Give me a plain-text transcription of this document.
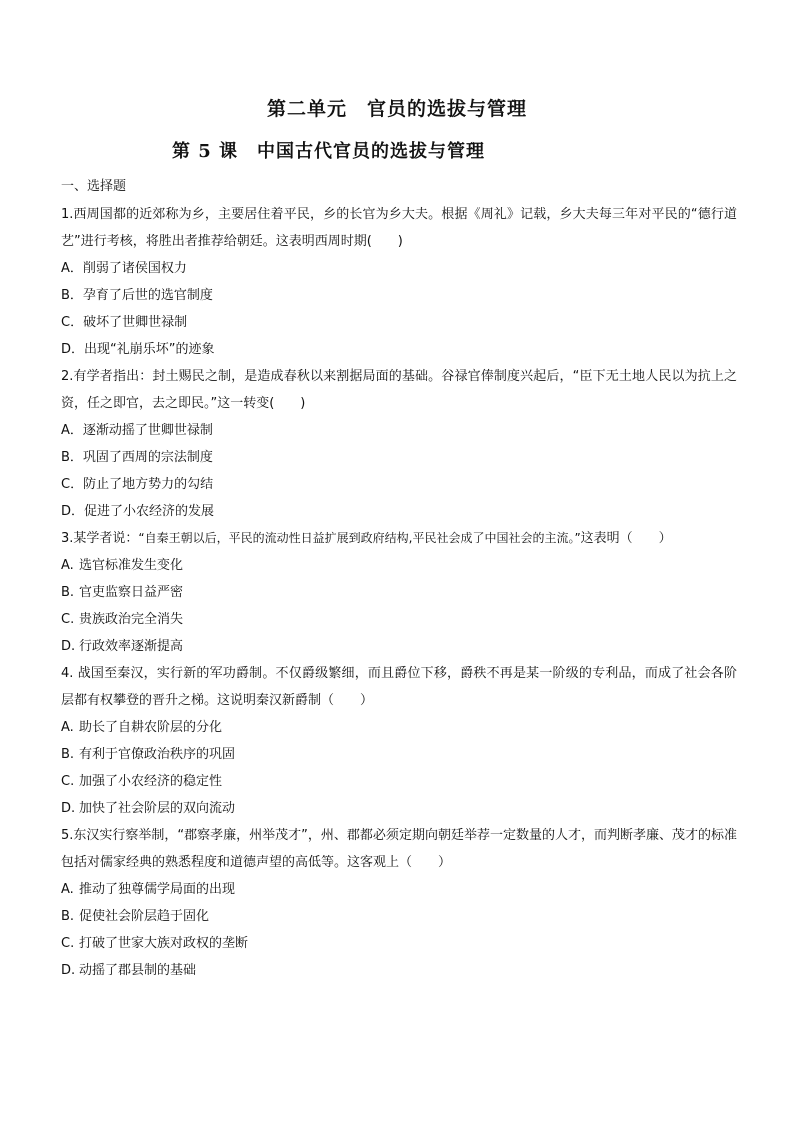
第二单元　官员的选拔与管理
第 5 课　中国古代官员的选拔与管理
一、选择题
1.西周国都的近郊称为乡，主要居住着平民，乡的长官为乡大夫。根据《周礼》记载，乡大夫每三年对平民的“德行道艺”进行考核，将胜出者推荐给朝廷。这表明西周时期(　　)
A．削弱了诸侯国权力
B．孕育了后世的选官制度
C．破坏了世卿世禄制
D．出现“礼崩乐坏”的迹象
2.有学者指出：封土赐民之制，是造成春秋以来割据局面的基础。谷禄官俸制度兴起后，“臣下无土地人民以为抗上之资，任之即官，去之即民。”这一转变(　　)
A．逐渐动摇了世卿世禄制
B．巩固了西周的宗法制度
C．防止了地方势力的勾结
D．促进了小农经济的发展
3.某学者说：“自秦王朝以后，平民的流动性日益扩展到政府结构,平民社会成了中国社会的主流。”这表明（　　）
A. 选官标准发生变化
B. 官吏监察日益严密
C. 贵族政治完全消失
D. 行政效率逐渐提高
4. 战国至秦汉，实行新的军功爵制。不仅爵级繁细，而且爵位下移，爵秩不再是某一阶级的专利品，而成了社会各阶层都有权攀登的晋升之梯。这说明秦汉新爵制（　　）
A. 助长了自耕农阶层的分化
B. 有利于官僚政治秩序的巩固
C. 加强了小农经济的稳定性
D. 加快了社会阶层的双向流动
5.东汉实行察举制，“郡察孝廉，州举茂才”，州、郡都必须定期向朝廷举荐一定数量的人才，而判断孝廉、茂才的标准包括对儒家经典的熟悉程度和道德声望的高低等。这客观上（　　）
A. 推动了独尊儒学局面的出现
B. 促使社会阶层趋于固化
C. 打破了世家大族对政权的垄断
D. 动摇了郡县制的基础
